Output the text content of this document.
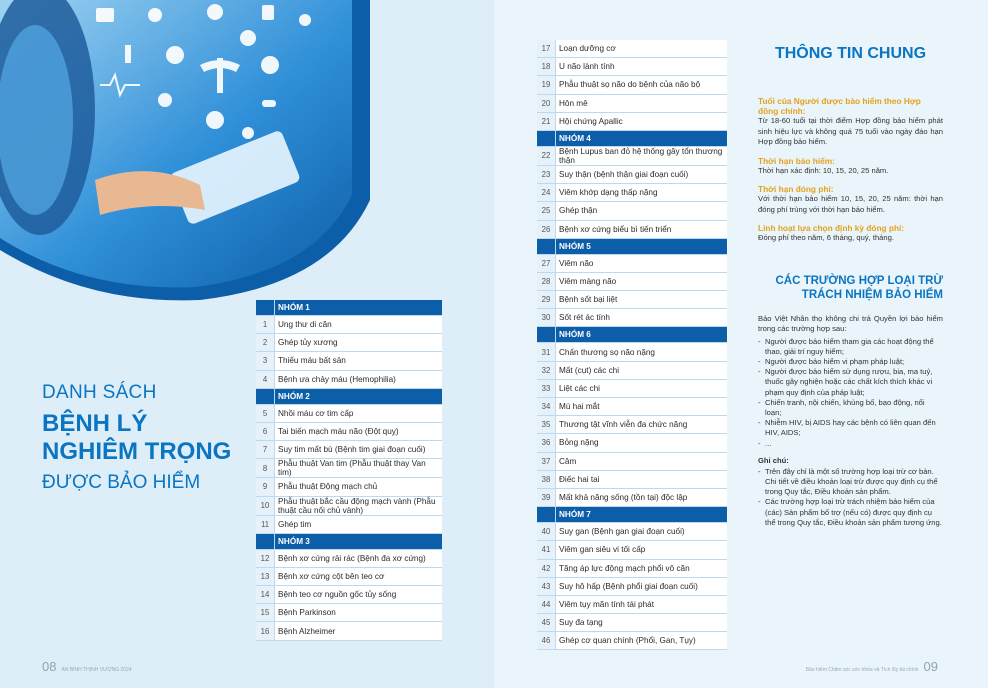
DANH SÁCH
BỆNH LÝ
NGHIÊM TRỌNG
ĐƯỢC BẢO HIỂM
	NHÓM 1
1	Ung thư di căn
2	Ghép tủy xương
3	Thiếu máu bất sản
4	Bệnh ưa chảy máu (Hemophilia)
	NHÓM 2
5	Nhồi máu cơ tim cấp
6	Tai biến mạch máu não (Đột quỵ)
7	Suy tim mất bù (Bệnh tim giai đoạn cuối)
8	Phẫu thuật Van tim (Phẫu thuật thay Van tim)
9	Phẫu thuật Động mạch chủ
10	Phẫu thuật bắc cầu động mạch vành (Phẫu thuật cầu nối chủ vành)
11	Ghép tim
	NHÓM 3
12	Bệnh xơ cứng rải rác (Bệnh đa xơ cứng)
13	Bệnh xơ cứng cột bên teo cơ
14	Bệnh teo cơ nguồn gốc tủy sống
15	Bệnh Parkinson
16	Bệnh Alzheimer
08 AN BÌNH THỊNH VƯỢNG 2024
17	Loạn dưỡng cơ
18	U não lành tính
19	Phẫu thuật sọ não do bệnh của não bộ
20	Hôn mê
21	Hội chứng Apallic
	NHÓM 4
22	Bệnh Lupus ban đỏ hệ thống gây tổn thương thận
23	Suy thận (bệnh thận giai đoạn cuối)
24	Viêm khớp dạng thấp nặng
25	Ghép thận
26	Bệnh xơ cứng biểu bì tiến triển
	NHÓM 5
27	Viêm não
28	Viêm màng não
29	Bệnh sốt bại liệt
30	Sốt rét ác tính
	NHÓM 6
31	Chấn thương sọ não nặng
32	Mất (cụt) các chi
33	Liệt các chi
34	Mù hai mắt
35	Thương tật vĩnh viễn đa chức năng
36	Bỏng nặng
37	Câm
38	Điếc hai tai
39	Mất khả năng sống (tồn tại) độc lập
	NHÓM 7
40	Suy gan (Bệnh gan giai đoạn cuối)
41	Viêm gan siêu vi tối cấp
42	Tăng áp lực động mạch phổi vô căn
43	Suy hô hấp (Bệnh phổi giai đoạn cuối)
44	Viêm tụy mãn tính tái phát
45	Suy đa tạng
46	Ghép cơ quan chính (Phổi, Gan, Tụy)
THÔNG TIN CHUNG
Tuổi của Người được bảo hiểm theo Hợp đồng chính:
Từ 18-60 tuổi tại thời điểm Hợp đồng bảo hiểm phát sinh hiệu lực và không quá 75 tuổi vào ngày đáo hạn Hợp đồng bảo hiểm.
Thời hạn bảo hiểm:
Thời hạn xác định: 10, 15, 20, 25 năm.
Thời hạn đóng phí:
Với thời hạn bảo hiểm 10, 15, 20, 25 năm: thời hạn đóng phí trùng với thời hạn bảo hiểm.
Linh hoạt lựa chọn định kỳ đóng phí:
Đóng phí theo năm, 6 tháng, quý, tháng.
CÁC TRƯỜNG HỢP LOẠI TRỪ TRÁCH NHIỆM BẢO HIỂM
Bảo Việt Nhân thọ không chi trả Quyền lợi bảo hiểm trong các trường hợp sau:
- Người được bảo hiểm tham gia các hoạt động thể thao, giải trí nguy hiểm;
- Người được bảo hiểm vi phạm pháp luật;
- Người được bảo hiểm sử dụng rượu, bia, ma tuý, thuốc gây nghiện hoặc các chất kích thích khác vi phạm quy định của pháp luật;
- Chiến tranh, nội chiến, khủng bố, bạo động, nổi loạn;
- Nhiễm HIV, bị AIDS hay các bệnh có liên quan đến HIV, AIDS;
- ...
Ghi chú:
- Trên đây chỉ là một số trường hợp loại trừ cơ bản. Chi tiết về điều khoản loại trừ được quy định cụ thể trong Quy tắc, Điều khoản sản phẩm.
- Các trường hợp loại trừ trách nhiệm bảo hiểm của (các) Sản phẩm bổ trợ (nếu có) được quy định cụ thể trong Quy tắc, Điều khoản sản phẩm tương ứng.
Bảo hiểm Chăm sóc sức khỏe và Tích lũy tài chính 09
